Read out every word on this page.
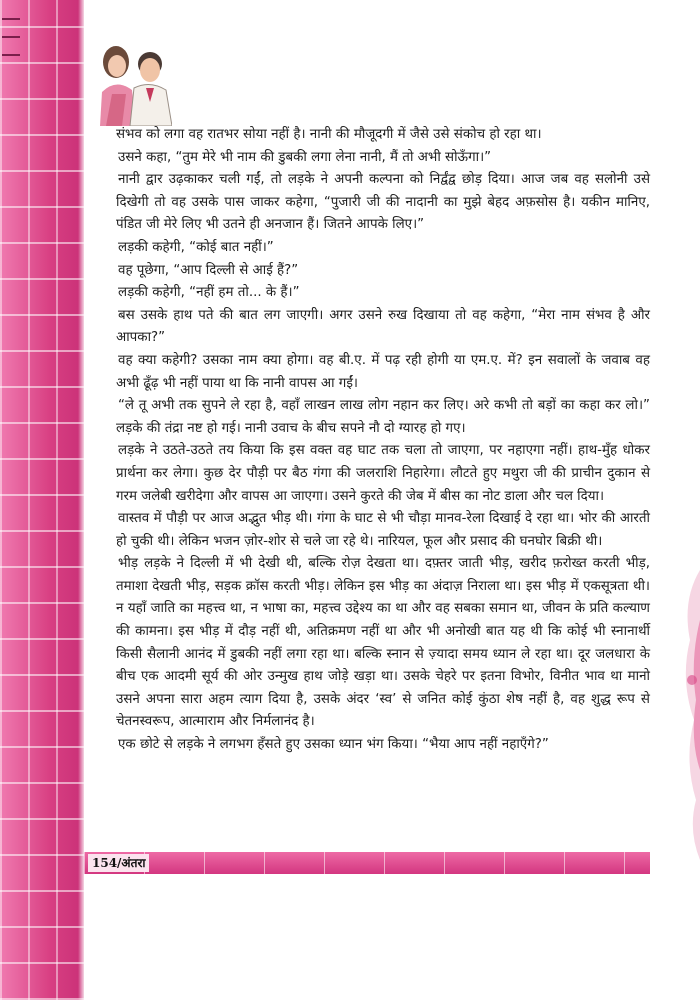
संभव को लगा वह रातभर सोया नहीं है। नानी की मौजूदगी में जैसे उसे संकोच हो रहा था।

उसने कहा, “तुम मेरे भी नाम की डुबकी लगा लेना नानी, मैं तो अभी सोऊँगा।”

नानी द्वार उढ़काकर चली गईं, तो लड़के ने अपनी कल्पना को निर्द्वंद्व छोड़ दिया। आज जब वह सलोनी उसे दिखेगी तो वह उसके पास जाकर कहेगा, “पुजारी जी की नादानी का मुझे बेहद अफ़सोस है। यकीन मानिए, पंडित जी मेरे लिए भी उतने ही अनजान हैं। जितने आपके लिए।”

लड़की कहेगी, “कोई बात नहीं।”

वह पूछेगा, “आप दिल्ली से आई हैं?”

लड़की कहेगी, “नहीं हम तो... के हैं।”

बस उसके हाथ पते की बात लग जाएगी। अगर उसने रुख दिखाया तो वह कहेगा, “मेरा नाम संभव है और आपका?”

वह क्या कहेगी? उसका नाम क्या होगा। वह बी.ए. में पढ़ रही होगी या एम.ए. में? इन सवालों के जवाब वह अभी ढूँढ़ भी नहीं पाया था कि नानी वापस आ गईं।

“ले तू अभी तक सुपने ले रहा है, वहाँ लाखन लाख लोग नहान कर लिए। अरे कभी तो बड़ों का कहा कर लो।” लड़के की तंद्रा नष्ट हो गई। नानी उवाच के बीच सपने नौ दो ग्यारह हो गए।

लड़के ने उठते-उठते तय किया कि इस वक्त वह घाट तक चला तो जाएगा, पर नहाएगा नहीं। हाथ-मुँह धोकर प्रार्थना कर लेगा। कुछ देर पौड़ी पर बैठ गंगा की जलराशि निहारेगा। लौटते हुए मथुरा जी की प्राचीन दुकान से गरम जलेबी खरीदेगा और वापस आ जाएगा। उसने कुरते की जेब में बीस का नोट डाला और चल दिया।

वास्तव में पौड़ी पर आज अद्भुत भीड़ थी। गंगा के घाट से भी चौड़ा मानव-रेला दिखाई दे रहा था। भोर की आरती हो चुकी थी। लेकिन भजन ज़ोर-शोर से चले जा रहे थे। नारियल, फूल और प्रसाद की घनघोर बिक्री थी।

भीड़ लड़के ने दिल्ली में भी देखी थी, बल्कि रोज़ देखता था। दफ़्तर जाती भीड़, खरीद फ़रोख्त करती भीड़, तमाशा देखती भीड़, सड़क क्रॉस करती भीड़। लेकिन इस भीड़ का अंदाज़ निराला था। इस भीड़ में एकसूत्रता थी। न यहाँ जाति का महत्त्व था, न भाषा का, महत्त्व उद्देश्य का था और वह सबका समान था, जीवन के प्रति कल्याण की कामना। इस भीड़ में दौड़ नहीं थी, अतिक्रमण नहीं था और भी अनोखी बात यह थी कि कोई भी स्नानार्थी किसी सैलानी आनंद में डुबकी नहीं लगा रहा था। बल्कि स्नान से ज़्यादा समय ध्यान ले रहा था। दूर जलधारा के बीच एक आदमी सूर्य की ओर उन्मुख हाथ जोड़े खड़ा था। उसके चेहरे पर इतना विभोर, विनीत भाव था मानो उसने अपना सारा अहम त्याग दिया है, उसके अंदर ‘स्व’ से जनित कोई कुंठा शेष नहीं है, वह शुद्ध रूप से चेतनस्वरूप, आत्माराम और निर्मलानंद है।

एक छोटे से लड़के ने लगभग हँसते हुए उसका ध्यान भंग किया। “भैया आप नहीं नहाएँगे?”

154/अंतरा
